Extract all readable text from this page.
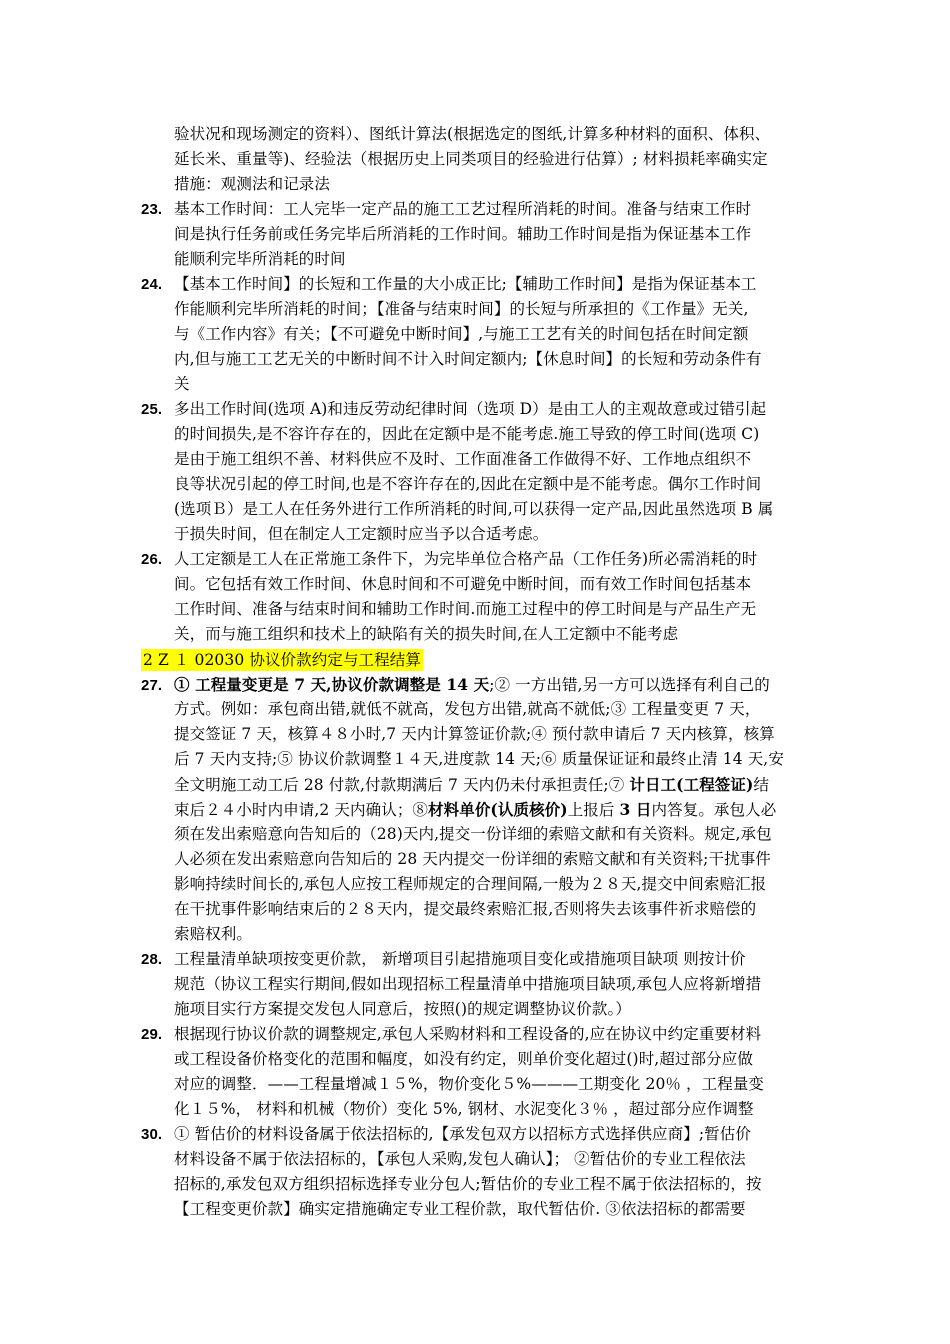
验状况和现场测定的资料）、图纸计算法(根据选定的图纸,计算多种材料的面积、体积、
延长米、重量等)、经验法（根据历史上同类项目的经验进行估算）; 材料损耗率确实定
措施：观测法和记录法
23. 基本工作时间：工人完毕一定产品的施工工艺过程所消耗的时间。准备与结束工作时
间是执行任务前或任务完毕后所消耗的工作时间。辅助工作时间是指为保证基本工作
能顺利完毕所消耗的时间
24. 【基本工作时间】的长短和工作量的大小成正比;【辅助工作时间】是指为保证基本工
作能顺利完毕所消耗的时间；【准备与结束时间】的长短与所承担的《工作量》无关,
与《工作内容》有关；【不可避免中断时间】,与施工工艺有关的时间包括在时间定额
内,但与施工工艺无关的中断时间不计入时间定额内;【休息时间】的长短和劳动条件有
关
25. 多出工作时间(选项 A)和违反劳动纪律时间（选项 D）是由工人的主观故意或过错引起
的时间损失,是不容许存在的，因此在定额中是不能考虑.施工导致的停工时间(选项 C)
是由于施工组织不善、材料供应不及时、工作面准备工作做得不好、工作地点组织不
良等状况引起的停工时间,也是不容许存在的,因此在定额中是不能考虑。偶尔工作时间
(选项Ｂ）是工人在任务外进行工作所消耗的时间,可以获得一定产品,因此虽然选项 B 属
于损失时间，但在制定人工定额时应当予以合适考虑。
26. 人工定额是工人在正常施工条件下，为完毕单位合格产品（工作任务)所必需消耗的时
间。它包括有效工作时间、休息时间和不可避免中断时间，而有效工作时间包括基本
工作时间、准备与结束时间和辅助工作时间.而施工过程中的停工时间是与产品生产无
关，而与施工组织和技术上的缺陷有关的损失时间,在人工定额中不能考虑
2 Z １ 02030 协议价款约定与工程结算
27. ① 工程量变更是 7 天,协议价款调整是 14 天;② 一方出错,另一方可以选择有利自己的
方式。例如：承包商出错,就低不就高，发包方出错,就高不就低;③ 工程量变更 7 天，
提交签证 7 天，核算４８小时,7 天内计算签证价款;④ 预付款申请后 7 天内核算，核算
后 7 天内支持;⑤ 协议价款调整１４天,进度款 14 天;⑥ 质量保证证和最终止清 14 天,安
全文明施工动工后 28 付款,付款期满后 7 天内仍未付承担责任;⑦ 计日工(工程签证)结
束后２４小时内申请,2 天内确认；⑧材料单价(认质核价)上报后 3 日内答复。承包人必
须在发出索赔意向告知后的（28)天内,提交一份详细的索赔文献和有关资料。规定,承包
人必须在发出索赔意向告知后的 28 天内提交一份详细的索赔文献和有关资料;干扰事件
影响持续时间长的,承包人应按工程师规定的合理间隔,一般为２８天,提交中间索赔汇报
在干扰事件影响结束后的２８天内，提交最终索赔汇报,否则将失去该事件祈求赔偿的
索赔权利。
28. 工程量清单缺项按变更价款， 新增项目引起措施项目变化或措施项目缺项 则按计价
规范（协议工程实行期间,假如出现招标工程量清单中措施项目缺项,承包人应将新增措
施项目实行方案提交发包人同意后，按照()的规定调整协议价款。）
29. 根据现行协议价款的调整规定,承包人采购材料和工程设备的,应在协议中约定重要材料
或工程设备价格变化的范围和幅度，如没有约定，则单价变化超过()时,超过部分应做
对应的调整．——工程量增减１５%，物价变化５%———工期变化 20％ ，工程量变
化１５%， 材料和机械（物价）变化 5%, 钢材、水泥变化３％ ，超过部分应作调整
30. ① 暂估价的材料设备属于依法招标的,【承发包双方以招标方式选择供应商】;暂估价
材料设备不属于依法招标的，【承包人采购,发包人确认】； ②暂估价的专业工程依法
招标的,承发包双方组织招标选择专业分包人;暂估价的专业工程不属于依法招标的，按
【工程变更价款】确实定措施确定专业工程价款，取代暂估价. ③依法招标的都需要
